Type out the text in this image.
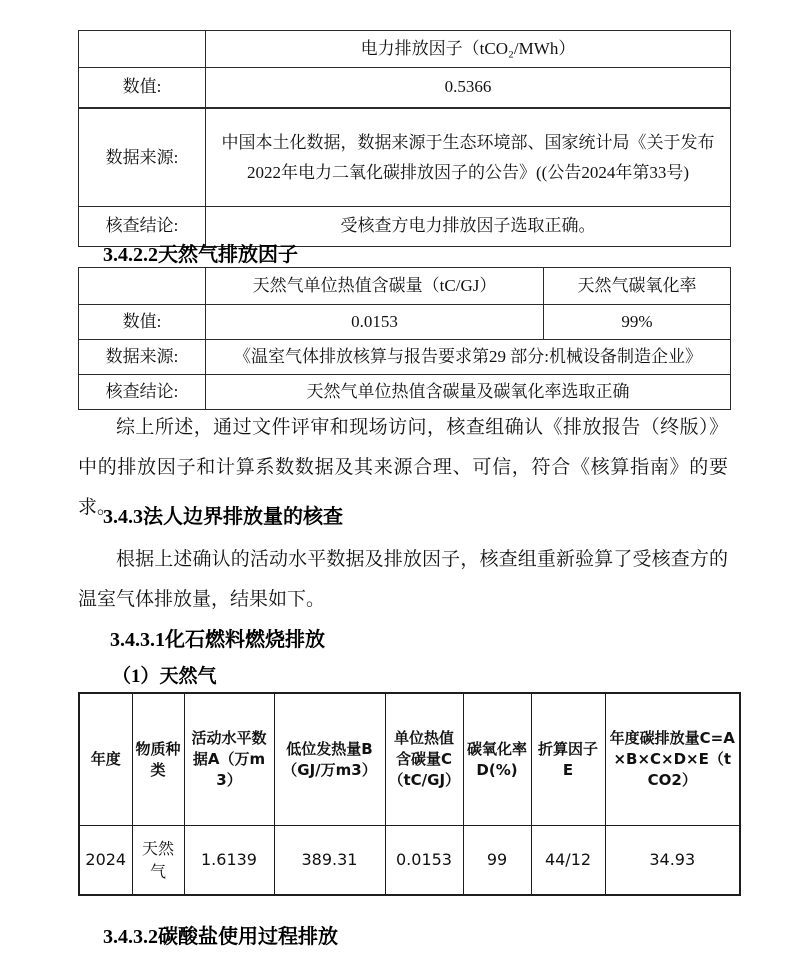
	电力排放因子（tCO₂/MWh）
数值:	0.5366
数据来源:	中国本土化数据，数据来源于生态环境部、国家统计局《关于发布2022年电力二氧化碳排放因子的公告》((公告2024年第33号)
核查结论:	受核查方电力排放因子选取正确。
3.4.2.2天然气排放因子
	天然气单位热值含碳量（tC/GJ）	天然气碳氧化率
数值:	0.0153	99%
数据来源:	《温室气体排放核算与报告要求第29 部分:机械设备制造企业》	
核查结论:	天然气单位热值含碳量及碳氧化率选取正确	
综上所述，通过文件评审和现场访问，核查组确认《排放报告（终版）》中的排放因子和计算系数数据及其来源合理、可信，符合《核算指南》的要求。
3.4.3法人边界排放量的核查
根据上述确认的活动水平数据及排放因子，核查组重新验算了受核查方的温室气体排放量，结果如下。
3.4.3.1化石燃料燃烧排放
（1）天然气
年度	物质种类	活动水平数据A（万m3）	低位发热量B（GJ/万m3）	单位热值含碳量C（tC/GJ）	碳氧化率D(%)	折算因子E	年度碳排放量C=A×B×C×D×E（tCO2）
2024	天然气	1.6139	389.31	0.0153	99	44/12	34.93
3.4.3.2碳酸盐使用过程排放
